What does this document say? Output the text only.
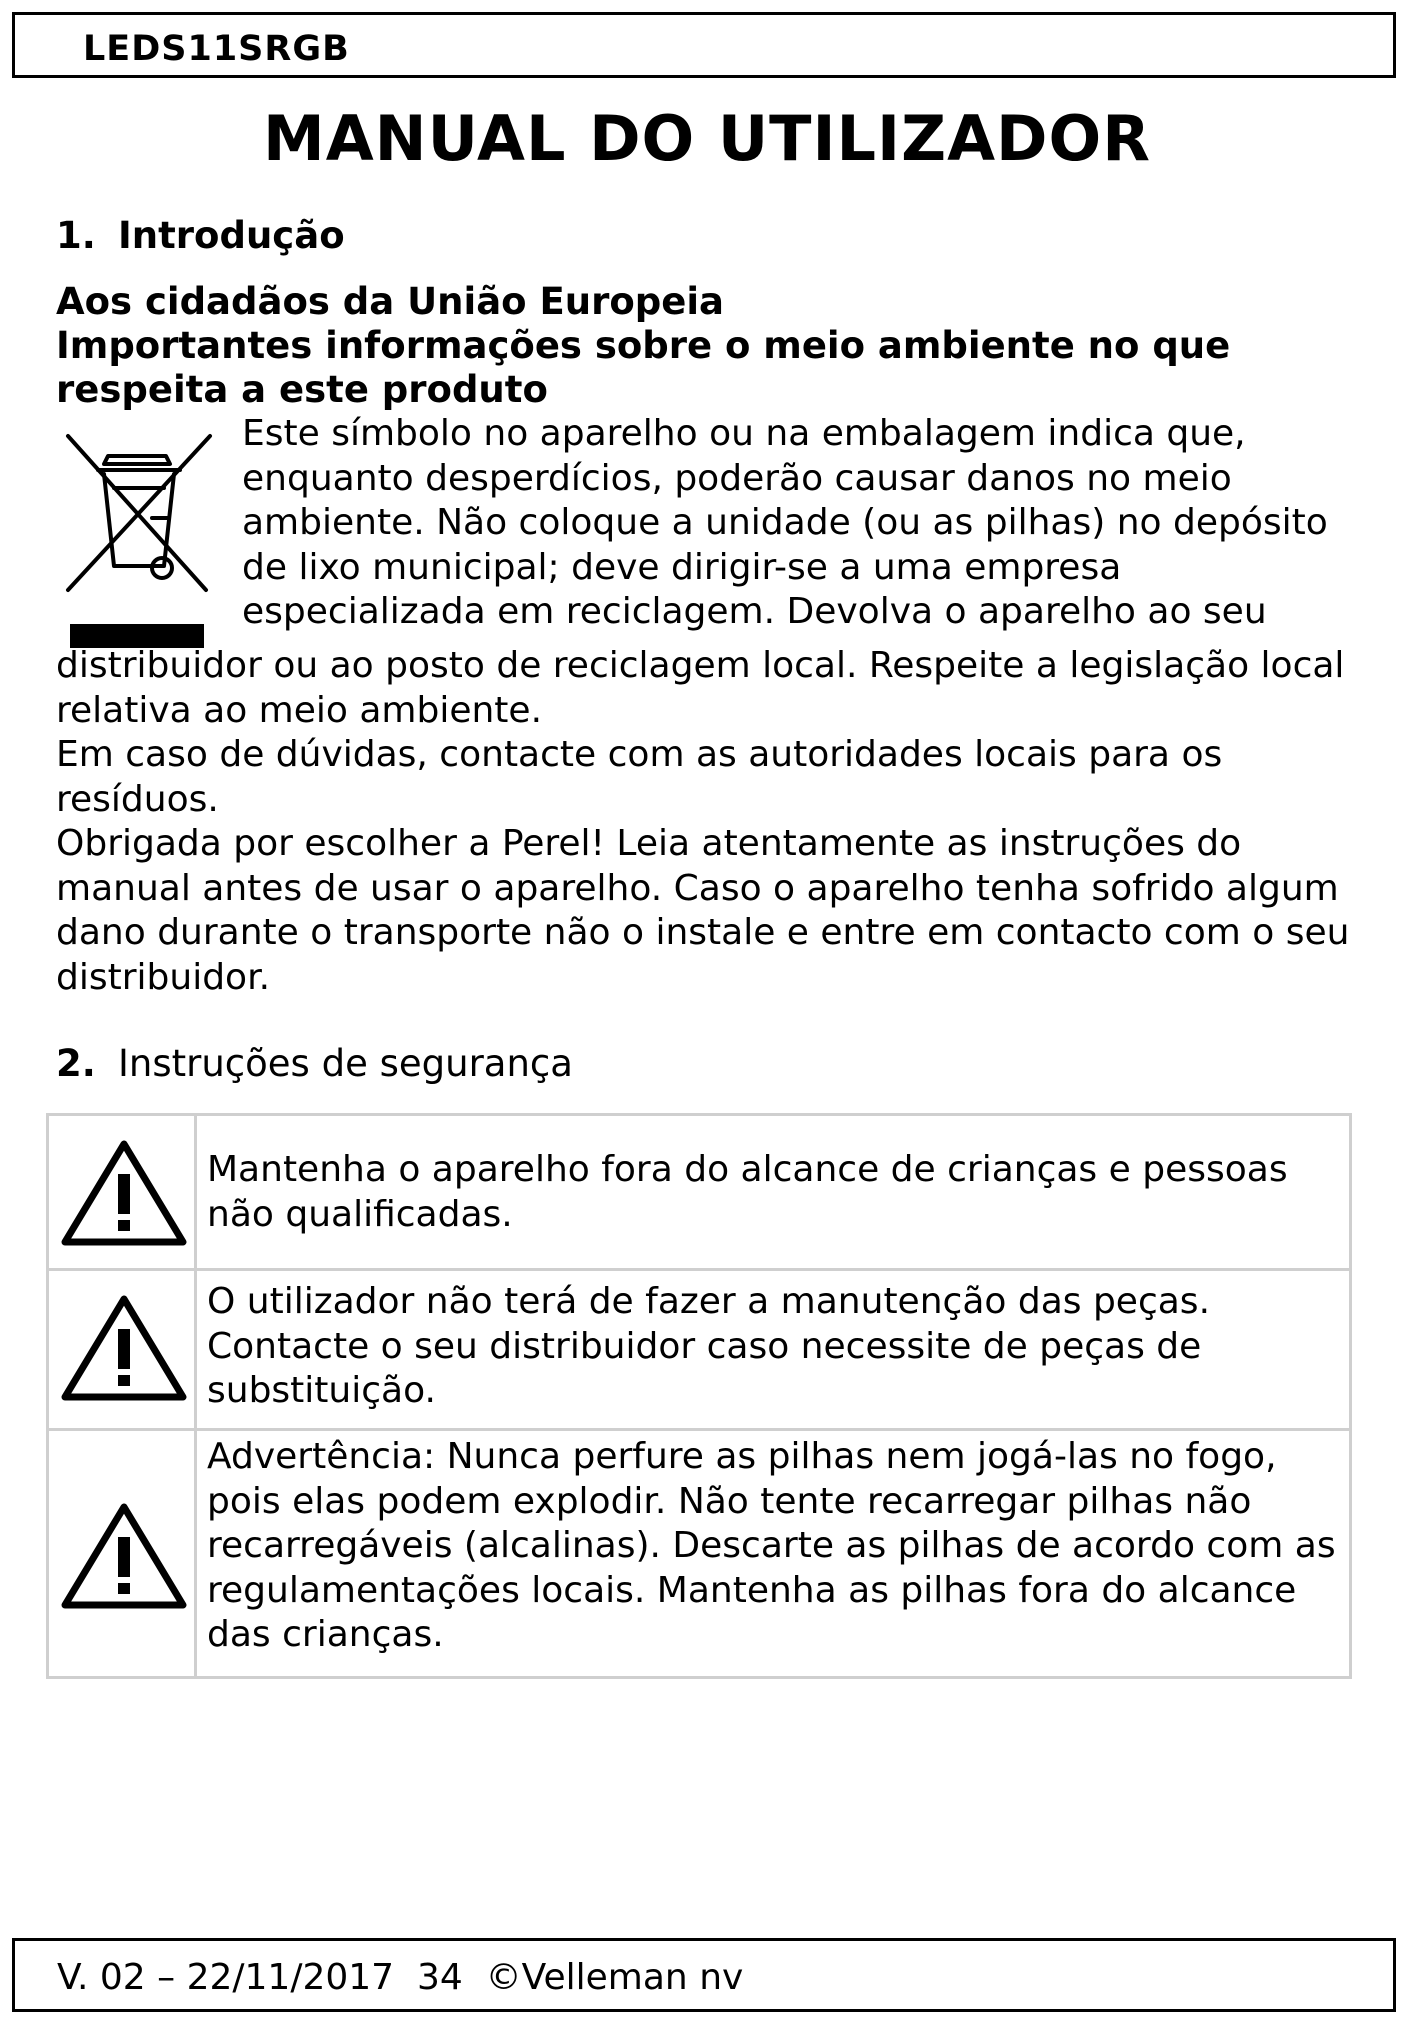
LEDS11SRGB
MANUAL DO UTILIZADOR
1. Introdução
Aos cidadãos da União Europeia
Importantes informações sobre o meio ambiente no que respeita a este produto
Este símbolo no aparelho ou na embalagem indica que, enquanto desperdícios, poderão causar danos no meio ambiente. Não coloque a unidade (ou as pilhas) no depósito de lixo municipal; deve dirigir-se a uma empresa especializada em reciclagem. Devolva o aparelho ao seu
distribuidor ou ao posto de reciclagem local. Respeite a legislação local relativa ao meio ambiente.
Em caso de dúvidas, contacte com as autoridades locais para os resíduos.
Obrigada por escolher a Perel! Leia atentamente as instruções do manual antes de usar o aparelho. Caso o aparelho tenha sofrido algum dano durante o transporte não o instale e entre em contacto com o seu distribuidor.
2. Instruções de segurança
Mantenha o aparelho fora do alcance de crianças e pessoas não qualificadas.
O utilizador não terá de fazer a manutenção das peças. Contacte o seu distribuidor caso necessite de peças de substituição.
Advertência: Nunca perfure as pilhas nem jogá-las no fogo, pois elas podem explodir. Não tente recarregar pilhas não recarregáveis (alcalinas). Descarte as pilhas de acordo com as regulamentações locais. Mantenha as pilhas fora do alcance das crianças.
V. 02 – 22/11/2017 34 ©Velleman nv
